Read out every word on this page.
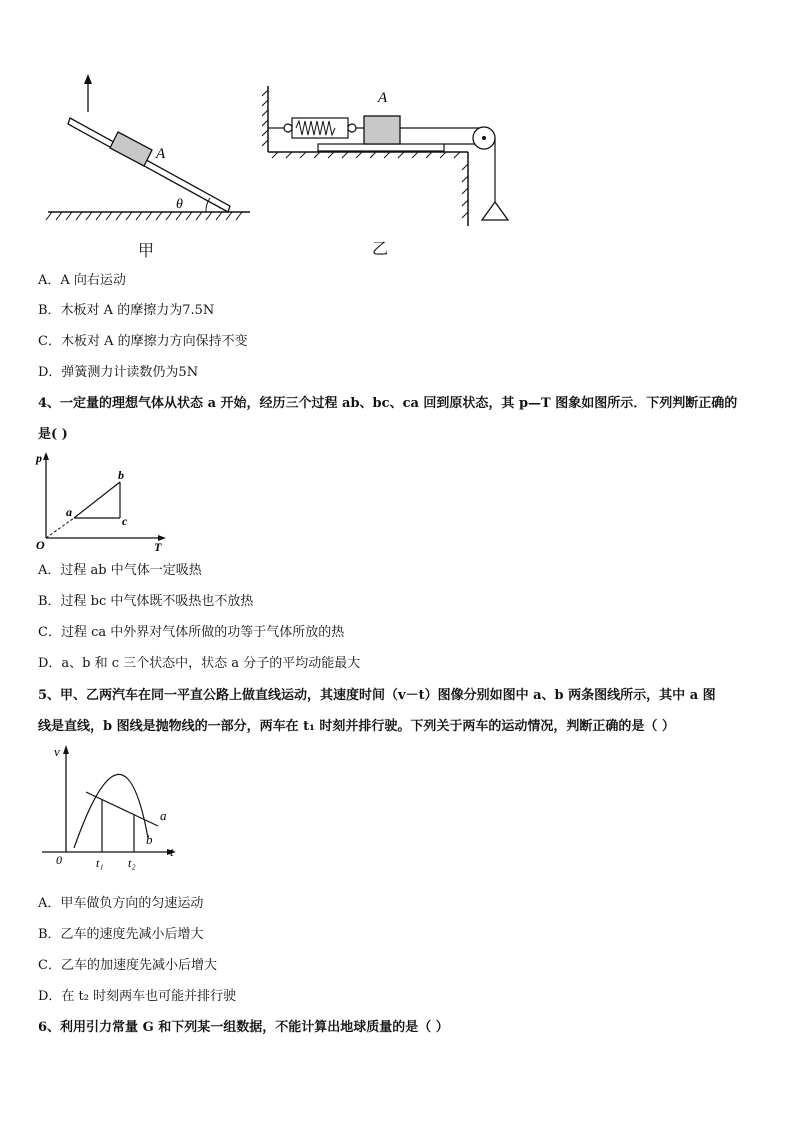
A
θ
甲
A
乙
A．A 向右运动
B．木板对 A 的摩擦力为7.5N
C．木板对 A 的摩擦力方向保持不变
D．弹簧测力计读数仍为5N
4、一定量的理想气体从状态 a 开始，经历三个过程 ab、bc、ca 回到原状态，其 p—T 图象如图所示．下列判断正确的
是( )
p
T
O
a
b
c
A．过程 ab 中气体一定吸热
B．过程 bc 中气体既不吸热也不放热
C．过程 ca 中外界对气体所做的功等于气体所放的热
D．a、b 和 c 三个状态中，状态 a 分子的平均动能最大
5、甲、乙两汽车在同一平直公路上做直线运动，其速度时间（v－t）图像分别如图中 a、b 两条图线所示，其中 a 图
线是直线，b 图线是抛物线的一部分，两车在 t₁ 时刻并排行驶。下列关于两车的运动情况，判断正确的是（ ）
v
t
0	t₁ t₂
a
b
A．甲车做负方向的匀速运动
B．乙车的速度先减小后增大
C．乙车的加速度先减小后增大
D．在 t₂ 时刻两车也可能并排行驶
6、利用引力常量 G 和下列某一组数据，不能计算出地球质量的是（ ）
